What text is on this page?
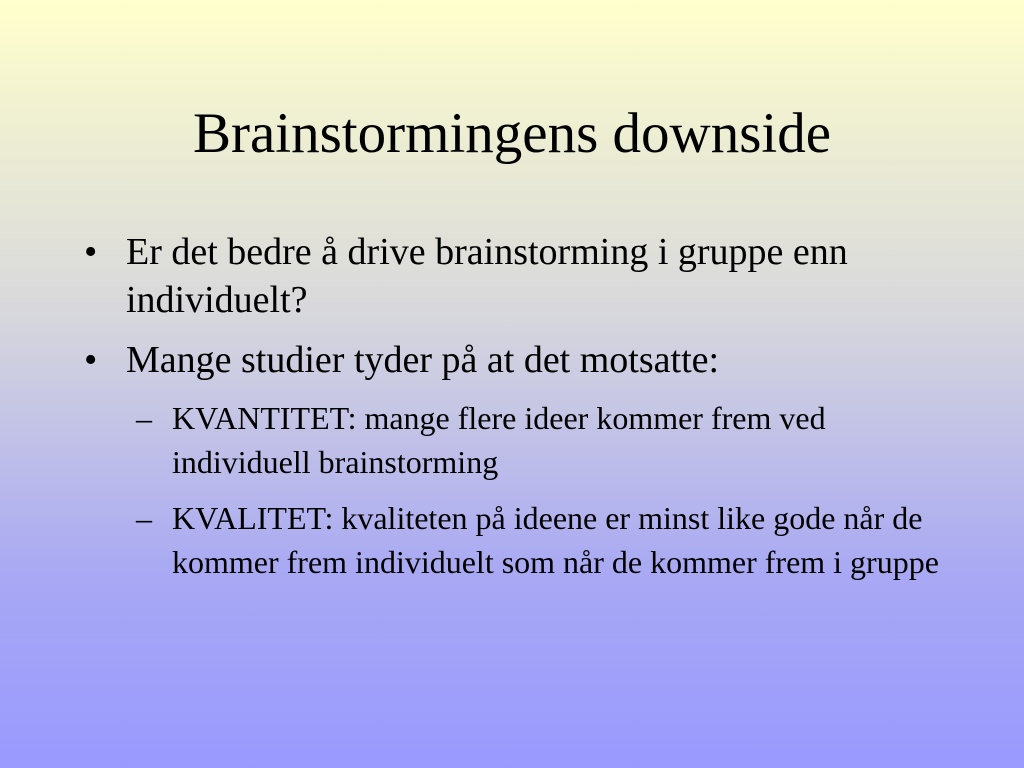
Brainstormingens downside
• Er det bedre å drive brainstorming i gruppe enn individuelt?
• Mange studier tyder på at det motsatte:
– KVANTITET: mange flere ideer kommer frem ved individuell brainstorming
– KVALITET: kvaliteten på ideene er minst like gode når de kommer frem individuelt som når de kommer frem i gruppe
